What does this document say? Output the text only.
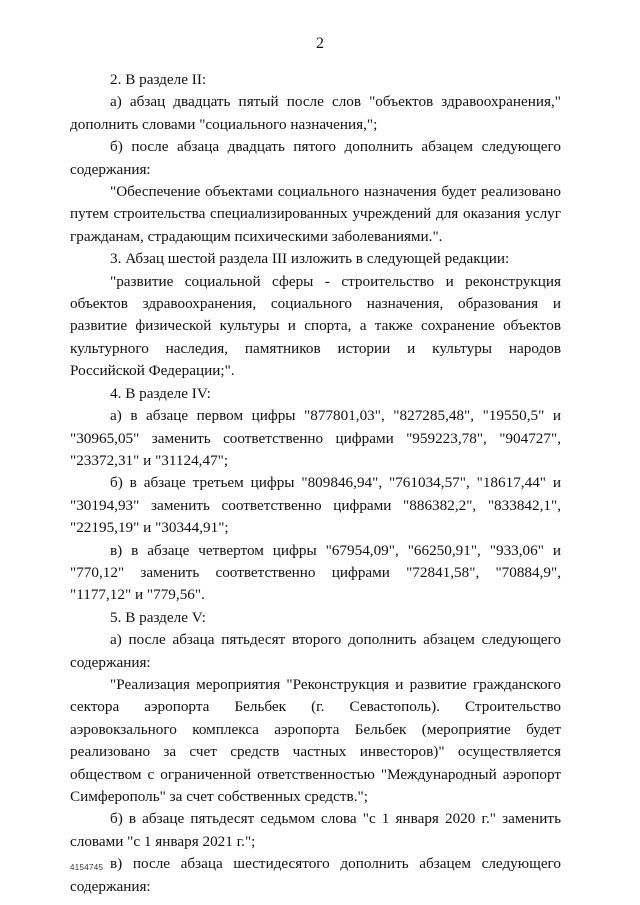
2

2. В разделе II:

а) абзац двадцать пятый после слов "объектов здравоохранения," дополнить словами "социального назначения,";

б) после абзаца двадцать пятого дополнить абзацем следующего содержания:

"Обеспечение объектами социального назначения будет реализовано путем строительства специализированных учреждений для оказания услуг гражданам, страдающим психическими заболеваниями.".

3. Абзац шестой раздела III изложить в следующей редакции:

"развитие социальной сферы - строительство и реконструкция объектов здравоохранения, социального назначения, образования и развитие физической культуры и спорта, а также сохранение объектов культурного наследия, памятников истории и культуры народов Российской Федерации;".

4. В разделе IV:

а) в абзаце первом цифры "877801,03", "827285,48", "19550,5" и "30965,05" заменить соответственно цифрами "959223,78", "904727", "23372,31" и "31124,47";

б) в абзаце третьем цифры "809846,94", "761034,57", "18617,44" и "30194,93" заменить соответственно цифрами "886382,2", "833842,1", "22195,19" и "30344,91";

в) в абзаце четвертом цифры "67954,09", "66250,91", "933,06" и "770,12" заменить соответственно цифрами "72841,58", "70884,9", "1177,12" и "779,56".

5. В разделе V:

а) после абзаца пятьдесят второго дополнить абзацем следующего содержания:

"Реализация мероприятия "Реконструкция и развитие гражданского сектора аэропорта Бельбек (г. Севастополь). Строительство аэровокзального комплекса аэропорта Бельбек (мероприятие будет реализовано за счет средств частных инвесторов)" осуществляется обществом с ограниченной ответственностью "Международный аэропорт Симферополь" за счет собственных средств.";

б) в абзаце пятьдесят седьмом слова "с 1 января 2020 г." заменить словами "с 1 января 2021 г.";

в) после абзаца шестидесятого дополнить абзацем следующего содержания:

4154745
